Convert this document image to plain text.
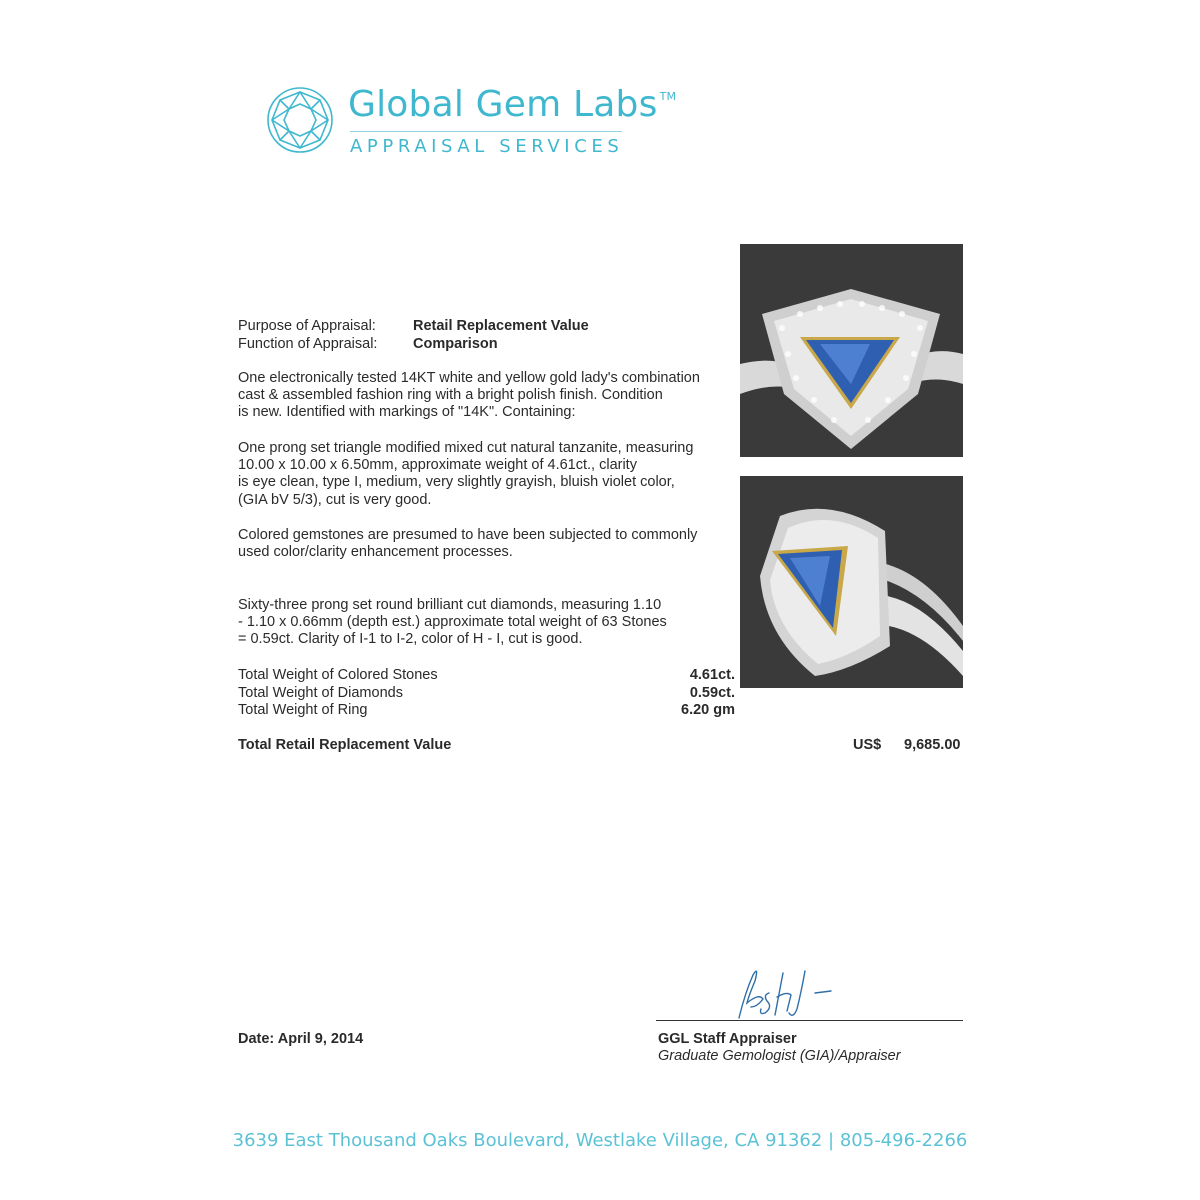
Global Gem Labs ™
APPRAISAL SERVICES
Purpose of Appraisal:	Retail Replacement Value
Function of Appraisal: Comparison

One electronically tested 14KT white and yellow gold lady's combination
cast & assembled fashion ring with a bright polish finish. Condition
is new. Identified with markings of "14K". Containing:

One prong set triangle modified mixed cut natural tanzanite, measuring
10.00 x 10.00 x 6.50mm, approximate weight of 4.61ct., clarity
is eye clean, type I, medium, very slightly grayish, bluish violet color,
(GIA bV 5/3), cut is very good.

Colored gemstones are presumed to have been subjected to commonly
used color/clarity enhancement processes.

Sixty-three prong set round brilliant cut diamonds, measuring 1.10
- 1.10 x 0.66mm (depth est.) approximate total weight of 63 Stones
= 0.59ct. Clarity of I-1 to I-2, color of H - I, cut is good.

Total Weight of Colored Stones	4.61ct.
Total Weight of Diamonds	0.59ct.
Total Weight of Ring	6.20 gm
Total Retail Replacement Value	US$ 9,685.00
Date: April 9, 2014	GGL Staff Appraiser
Graduate Gemologist (GIA)/Appraiser
3639 East Thousand Oaks Boulevard, Westlake Village, CA 91362 | 805-496-2266
